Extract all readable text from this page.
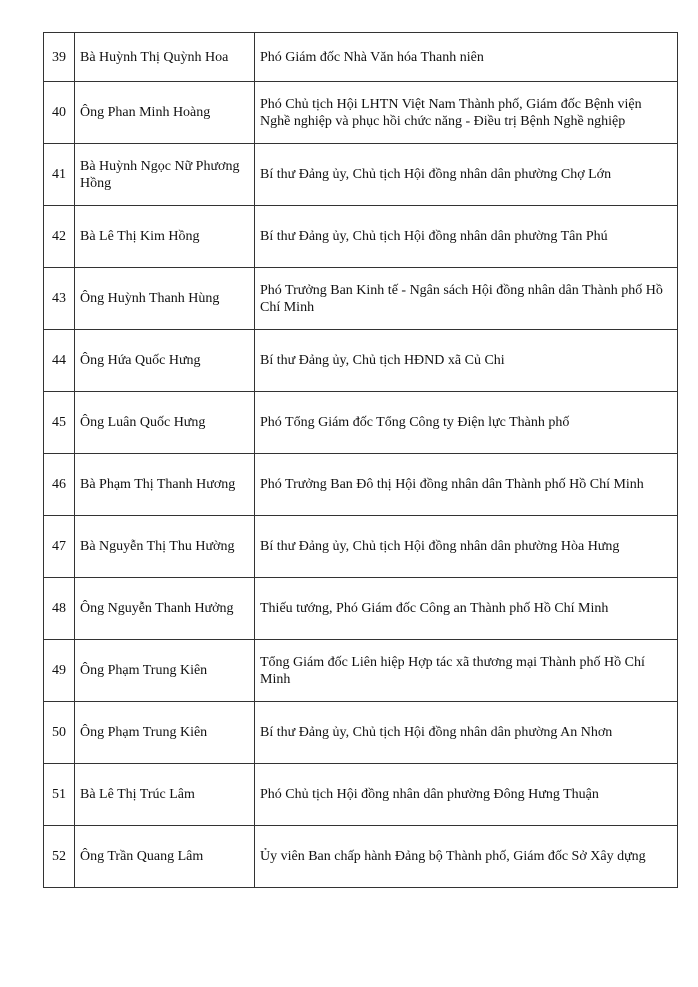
39	Bà Huỳnh Thị Quỳnh Hoa	Phó Giám đốc Nhà Văn hóa Thanh niên
40	Ông Phan Minh Hoàng	Phó Chủ tịch Hội LHTN Việt Nam Thành phố, Giám đốc Bệnh viện Nghề nghiệp và phục hồi chức năng - Điều trị Bệnh Nghề nghiệp
41	Bà Huỳnh Ngọc Nữ Phương Hồng	Bí thư Đảng ủy, Chủ tịch Hội đồng nhân dân phường Chợ Lớn
42	Bà Lê Thị Kim Hồng	Bí thư Đảng ủy, Chủ tịch Hội đồng nhân dân phường Tân Phú
43	Ông Huỳnh Thanh Hùng	Phó Trưởng Ban Kinh tế - Ngân sách Hội đồng nhân dân Thành phố Hồ Chí Minh
44	Ông Hứa Quốc Hưng	Bí thư Đảng ủy, Chủ tịch HĐND xã Củ Chi
45	Ông Luân Quốc Hưng	Phó Tổng Giám đốc Tổng Công ty Điện lực Thành phố
46	Bà Phạm Thị Thanh Hương	Phó Trưởng Ban Đô thị Hội đồng nhân dân Thành phố Hồ Chí Minh
47	Bà Nguyễn Thị Thu Hường	Bí thư Đảng ủy, Chủ tịch Hội đồng nhân dân phường Hòa Hưng
48	Ông Nguyễn Thanh Hưởng	Thiếu tướng, Phó Giám đốc Công an Thành phố Hồ Chí Minh
49	Ông Phạm Trung Kiên	Tổng Giám đốc Liên hiệp Hợp tác xã thương mại Thành phố Hồ Chí Minh
50	Ông Phạm Trung Kiên	Bí thư Đảng ủy, Chủ tịch Hội đồng nhân dân phường An Nhơn
51	Bà Lê Thị Trúc Lâm	Phó Chủ tịch Hội đồng nhân dân phường Đông Hưng Thuận
52	Ông Trần Quang Lâm	Ủy viên Ban chấp hành Đảng bộ Thành phố, Giám đốc Sở Xây dựng
